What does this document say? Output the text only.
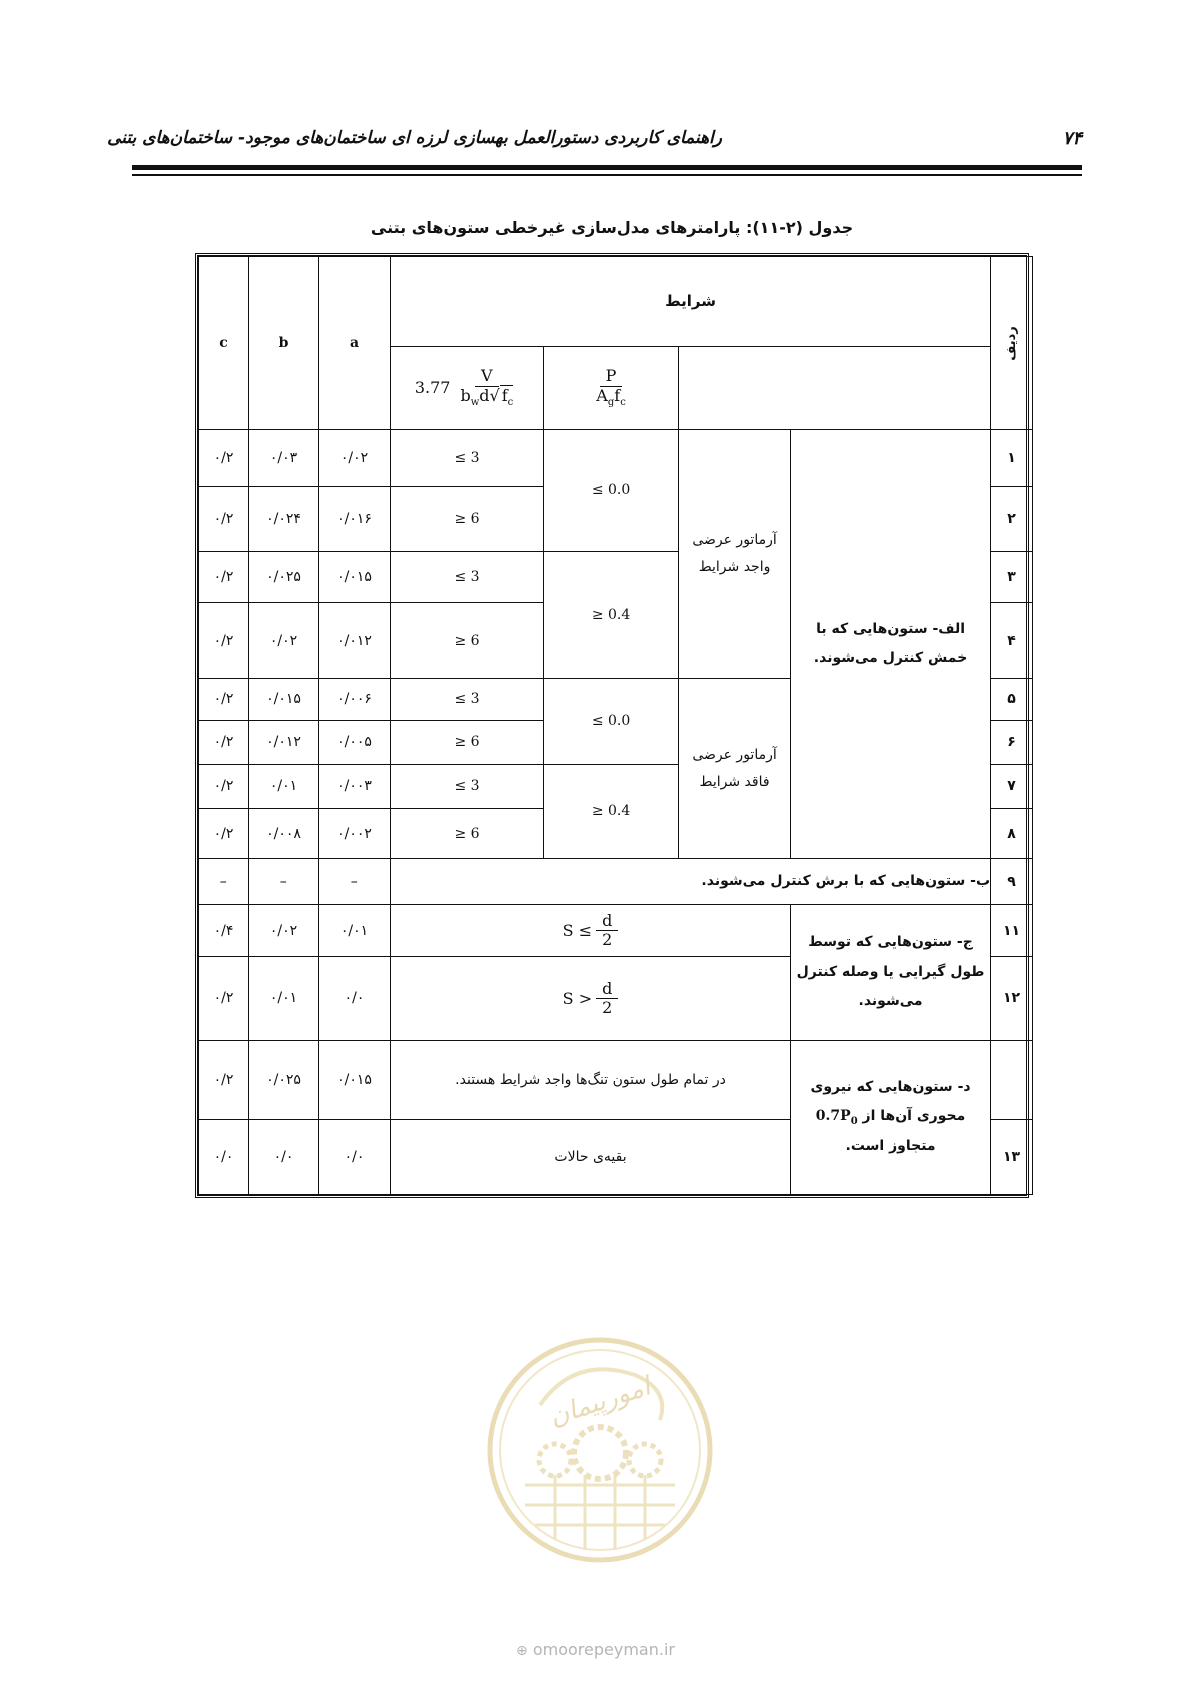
راهنمای کاربردی دستورالعمل بهسازی لرزه ای ساختمان‌های موجود- ساختمان‌های بتنی	۷۴
جدول (۲-۱۱): پارامترهای مدل‌سازی غیرخطی ستون‌های بتنی
ردیف	شرایط				a	b	c

			$\frac{P}{A_gf_c}$	$3.77 \frac{V}{b_wd√ f_c}$

۱	الف- ستون‌هایی که با خمش کنترل می‌شوند.	آرماتور عرضی واجد شرایط	≤ 0.0	≤ 3	۰/۰۲	۰/۰۳	۰/۲
۲				≥ 6	۰/۰۱۶	۰/۰۲۴	۰/۲
۳			≥ 0.4	≤ 3	۰/۰۱۵	۰/۰۲۵	۰/۲
۴				≥ 6	۰/۰۱۲	۰/۰۲	۰/۲
۵		آرماتور عرضی فاقد شرایط	≤ 0.0	≤ 3	۰/۰۰۶	۰/۰۱۵	۰/۲
۶				≥ 6	۰/۰۰۵	۰/۰۱۲	۰/۲
۷			≥ 0.4	≤ 3	۰/۰۰۳	۰/۰۱	۰/۲
۸				≥ 6	۰/۰۰۲	۰/۰۰۸	۰/۲
۹	ب- ستون‌هایی که با برش کنترل می‌شوند.				–	–	–
۱۱	ج- ستون‌هایی که توسط طول گیرایی یا وصله کنترل می‌شوند.	$S \le \frac{d}{2}$			۰/۰۱	۰/۰۲	۰/۴
۱۲		$S > \frac{d}{2}$			۰/۰	۰/۰۱	۰/۲
	د- ستون‌هایی که نیروی محوری آن‌ها از $0.7P_0$ متجاوز است.	در تمام طول ستون تنگ‌ها واجد شرایط هستند.			۰/۰۱۵	۰/۰۲۵	۰/۲
۱۳		بقیه‌ی حالات			۰/۰	۰/۰	۰/۰
امورپیمان
⊕ omoorepeyman.ir
